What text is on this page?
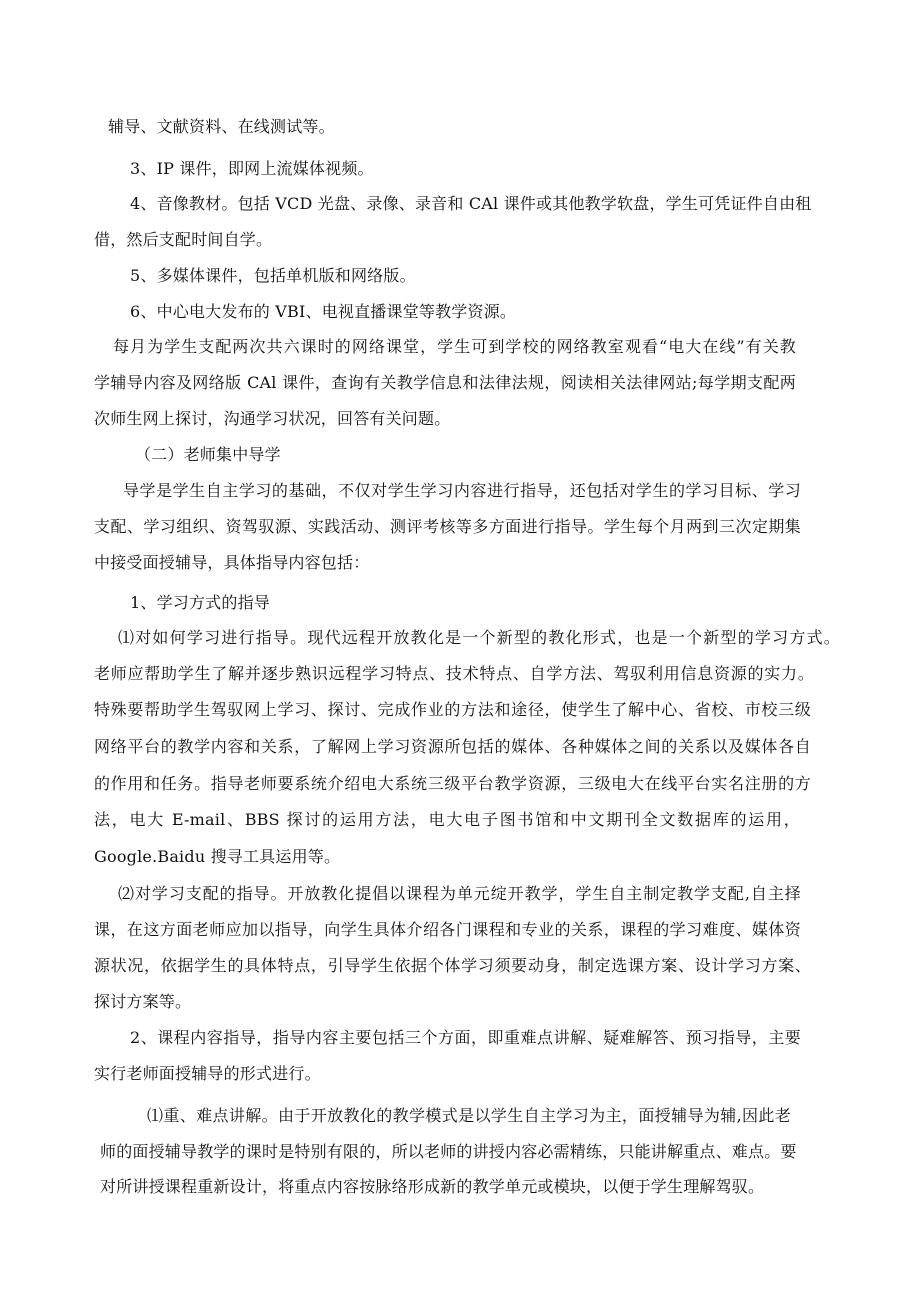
辅导、文献资料、在线测试等。

3、IP 课件，即网上流媒体视频。

4、音像教材。包括 VCD 光盘、录像、录音和 CAl 课件或其他教学软盘，学生可凭证件自由租

借，然后支配时间自学。

5、多媒体课件，包括单机版和网络版。

6、中心电大发布的 VBI、电视直播课堂等教学资源。

每月为学生支配两次共六课时的网络课堂，学生可到学校的网络教室观看“电大在线”有关教

学辅导内容及网络版 CAl 课件，查询有关教学信息和法律法规，阅读相关法律网站;每学期支配两

次师生网上探讨，沟通学习状况，回答有关问题。

（二）老师集中导学

导学是学生自主学习的基础，不仅对学生学习内容进行指导，还包括对学生的学习目标、学习

支配、学习组织、资驾驭源、实践活动、测评考核等多方面进行指导。学生每个月两到三次定期集

中接受面授辅导，具体指导内容包括：

1、学习方式的指导

⑴对如何学习进行指导。现代远程开放教化是一个新型的教化形式，也是一个新型的学习方式。

老师应帮助学生了解并逐步熟识远程学习特点、技术特点、自学方法、驾驭利用信息资源的实力。

特殊要帮助学生驾驭网上学习、探讨、完成作业的方法和途径，使学生了解中心、省校、市校三级

网络平台的教学内容和关系，了解网上学习资源所包括的媒体、各种媒体之间的关系以及媒体各自

的作用和任务。指导老师要系统介绍电大系统三级平台教学资源，三级电大在线平台实名注册的方

法，电大 E-mail、BBS 探讨的运用方法，电大电子图书馆和中文期刊全文数据库的运用，

Google.Baidu 搜寻工具运用等。

⑵对学习支配的指导。开放教化提倡以课程为单元绽开教学，学生自主制定教学支配,自主择

课，在这方面老师应加以指导，向学生具体介绍各门课程和专业的关系，课程的学习难度、媒体资

源状况，依据学生的具体特点，引导学生依据个体学习须要动身，制定选课方案、设计学习方案、

探讨方案等。

2、课程内容指导，指导内容主要包括三个方面，即重难点讲解、疑难解答、预习指导，主要

实行老师面授辅导的形式进行。

⑴重、难点讲解。由于开放教化的教学模式是以学生自主学习为主，面授辅导为辅,因此老

师的面授辅导教学的课时是特别有限的，所以老师的讲授内容必需精练，只能讲解重点、难点。要

对所讲授课程重新设计，将重点内容按脉络形成新的教学单元或模块，以便于学生理解驾驭。
